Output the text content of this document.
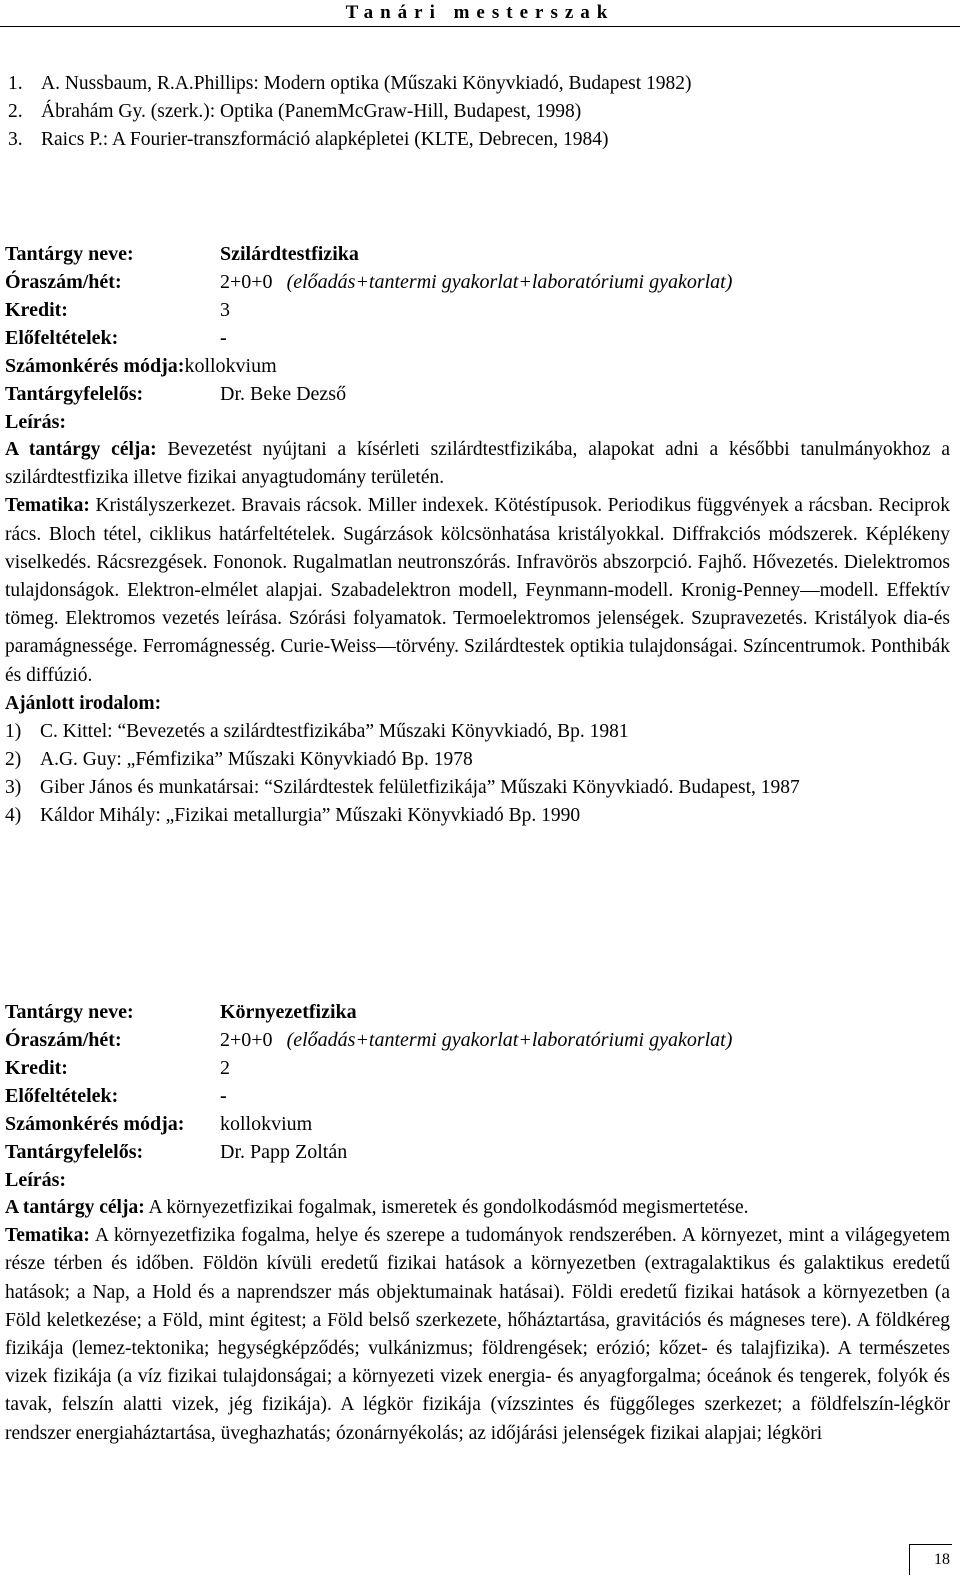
Tanári mesterszak
1. A. Nussbaum, R.A.Phillips: Modern optika (Műszaki Könyvkiadó, Budapest 1982)
2. Ábrahám Gy. (szerk.): Optika (PanemMcGraw-Hill, Budapest, 1998)
3. Raics P.: A Fourier-transzformáció alapképletei (KLTE, Debrecen, 1984)
Tantárgy neve:	Szilárdtestfizika
Óraszám/hét:	2+0+0 (előadás+tantermi gyakorlat+laboratóriumi gyakorlat)
Kredit:	3
Előfeltételek:	-
Számonkérés módja:kollokvium
Tantárgyfelelős:	Dr. Beke Dezső
Leírás:

A tantárgy célja: Bevezetést nyújtani a kísérleti szilárdtestfizikába, alapokat adni a későbbi tanulmányokhoz a szilárdtestfizika illetve fizikai anyagtudomány területén.

Tematika: Kristályszerkezet. Bravais rácsok. Miller indexek. Kötéstípusok. Periodikus függvények a rácsban. Reciprok rács. Bloch tétel, ciklikus határfeltételek. Sugárzások kölcsönhatása kristályokkal. Diffrakciós módszerek. Képlékeny viselkedés. Rácsrezgések. Fononok. Rugalmatlan neutronszórás. Infravörös abszorpció. Fajhő. Hővezetés. Dielektromos tulajdonságok. Elektron-elmélet alapjai. Szabadelektron modell, Feynmann-modell. Kronig-Penney—modell. Effektív tömeg. Elektromos vezetés leírása. Szórási folyamatok. Termoelektromos jelenségek. Szupravezetés. Kristályok dia-és paramágnessége. Ferromágnesség. Curie-Weiss—törvény. Szilárdtestek optikia tulajdonságai. Színcentrumok. Ponthibák és diffúzió.

Ajánlott irodalom:
1) C. Kittel: “Bevezetés a szilárdtestfizikába” Műszaki Könyvkiadó, Bp. 1981
2) A.G. Guy: „Fémfizika” Műszaki Könyvkiadó Bp. 1978
3) Giber János és munkatársai: “Szilárdtestek felületfizikája” Műszaki Könyvkiadó. Budapest, 1987
4) Káldor Mihály: „Fizikai metallurgia” Műszaki Könyvkiadó Bp. 1990
Tantárgy neve:	Környezetfizika
Óraszám/hét:	2+0+0 (előadás+tantermi gyakorlat+laboratóriumi gyakorlat)
Kredit:	2
Előfeltételek:	-
Számonkérés módja: kollokvium
Tantárgyfelelős:	Dr. Papp Zoltán
Leírás:

A tantárgy célja: A környezetfizikai fogalmak, ismeretek és gondolkodásmód megismertetése.

Tematika: A környezetfizika fogalma, helye és szerepe a tudományok rendszerében. A környezet, mint a világegyetem része térben és időben. Földön kívüli eredetű fizikai hatások a környezetben (extragalaktikus és galaktikus eredetű hatások; a Nap, a Hold és a naprendszer más objektumainak hatásai). Földi eredetű fizikai hatások a környezetben (a Föld keletkezése; a Föld, mint égitest; a Föld belső szerkezete, hőháztartása, gravitációs és mágneses tere). A földkéreg fizikája (lemez-tektonika; hegységképződés; vulkánizmus; földrengések; erózió; kőzet- és talajfizika). A természetes vizek fizikája (a víz fizikai tulajdonságai; a környezeti vizek energia- és anyagforgalma; óceánok és tengerek, folyók és tavak, felszín alatti vizek, jég fizikája). A légkör fizikája (vízszintes és függőleges szerkezet; a földfelszín-légkör rendszer energiaháztartása, üveghazhatás; ózonárnyékolás; az időjárási jelenségek fizikai alapjai; légköri

18
